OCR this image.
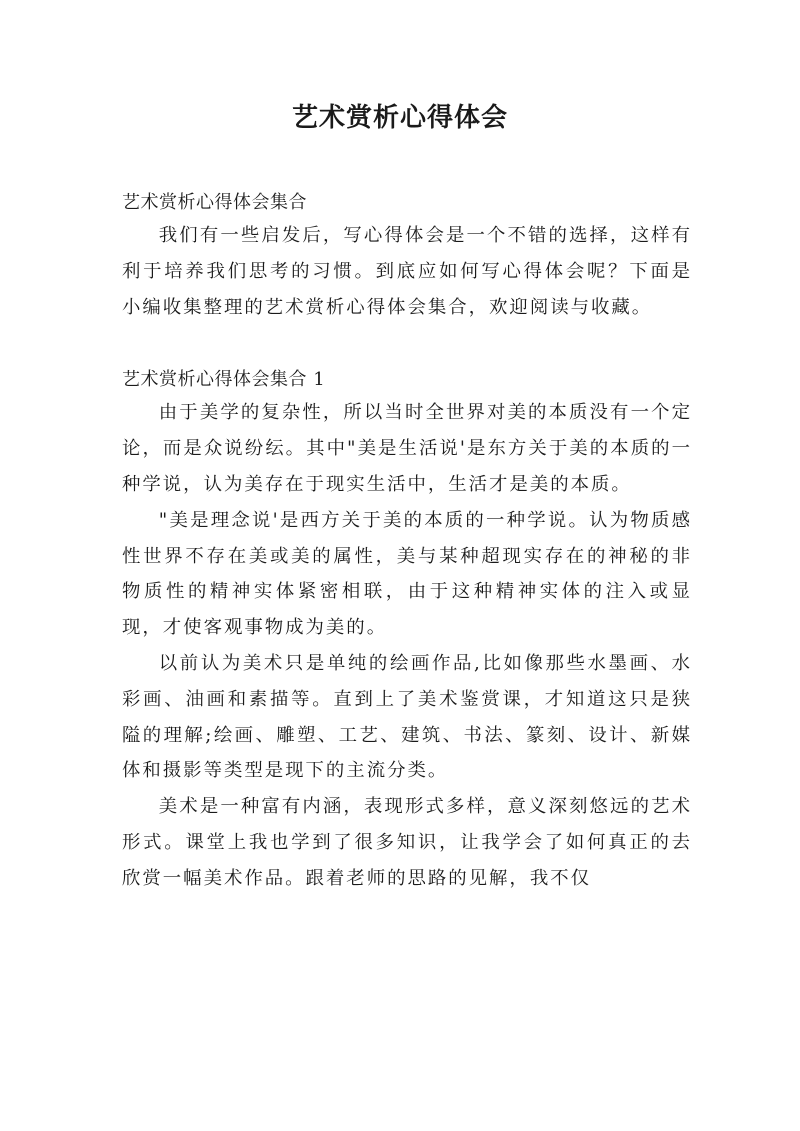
艺术赏析心得体会
艺术赏析心得体会集合

我们有一些启发后，写心得体会是一个不错的选择，这样有利于培养我们思考的习惯。到底应如何写心得体会呢？下面是小编收集整理的艺术赏析心得体会集合，欢迎阅读与收藏。

艺术赏析心得体会集合 1

由于美学的复杂性，所以当时全世界对美的本质没有一个定论，而是众说纷纭。其中"美是生活说'是东方关于美的本质的一种学说，认为美存在于现实生活中，生活才是美的本质。

"美是理念说'是西方关于美的本质的一种学说。认为物质感性世界不存在美或美的属性，美与某种超现实存在的神秘的非物质性的精神实体紧密相联，由于这种精神实体的注入或显现，才使客观事物成为美的。

以前认为美术只是单纯的绘画作品,比如像那些水墨画、水彩画、油画和素描等。直到上了美术鉴赏课，才知道这只是狭隘的理解;绘画、雕塑、工艺、建筑、书法、篆刻、设计、新媒体和摄影等类型是现下的主流分类。

美术是一种富有内涵，表现形式多样，意义深刻悠远的艺术形式。课堂上我也学到了很多知识，让我学会了如何真正的去欣赏一幅美术作品。跟着老师的思路的见解，我不仅
